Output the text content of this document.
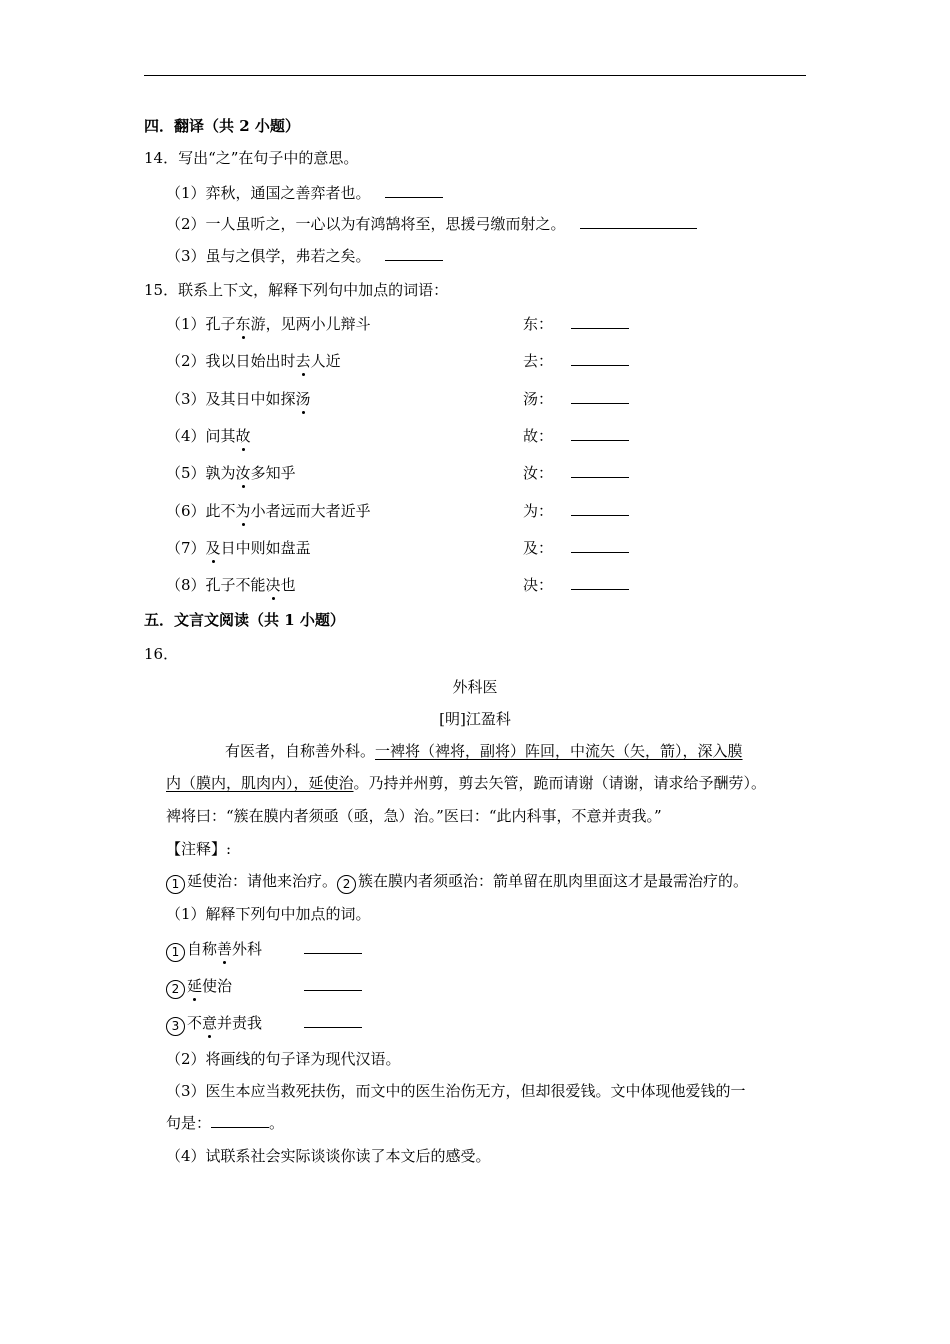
四．翻译（共 2 小题）
14．写出“之”在句子中的意思。
（1）弈秋，通国之善弈者也。
（2）一人虽听之，一心以为有鸿鹄将至，思援弓缴而射之。
（3）虽与之俱学，弗若之矣。
15．联系上下文，解释下列句中加点的词语：
（1）孔子东游，见两小儿辩斗	东：
（2）我以日始出时去人近	去：
（3）及其日中如探汤	汤：
（4）问其故	故：
（5）孰为汝多知乎	汝：
（6）此不为小者远而大者近乎	为：
（7）及日中则如盘盂	及：
（8）孔子不能决也	决：
五．文言文阅读（共 1 小题）
16．
外科医
[明]江盈科
有医者，自称善外科。一裨将（裨将，副将）阵回，中流矢（矢，箭），深入膜
内（膜内，肌肉内），延使治。乃持并州剪，剪去矢管，跪而请谢（请谢，请求给予酬劳）。
裨将曰：“簇在膜内者须亟（亟，急）治。”医曰：“此内科事，不意并责我。”
【注释】:
1 延使治：请他来治疗。 2 簇在膜内者须亟治：箭单留在肌肉里面这才是最需治疗的。
（1）解释下列句中加点的词。
1 自称善外科
2 延使治
3 不意并责我
（2）将画线的句子译为现代汉语。
（3）医生本应当救死扶伤，而文中的医生治伤无方，但却很爱钱。文中体现他爱钱的一
句是：	。
（4）试联系社会实际谈谈你读了本文后的感受。
